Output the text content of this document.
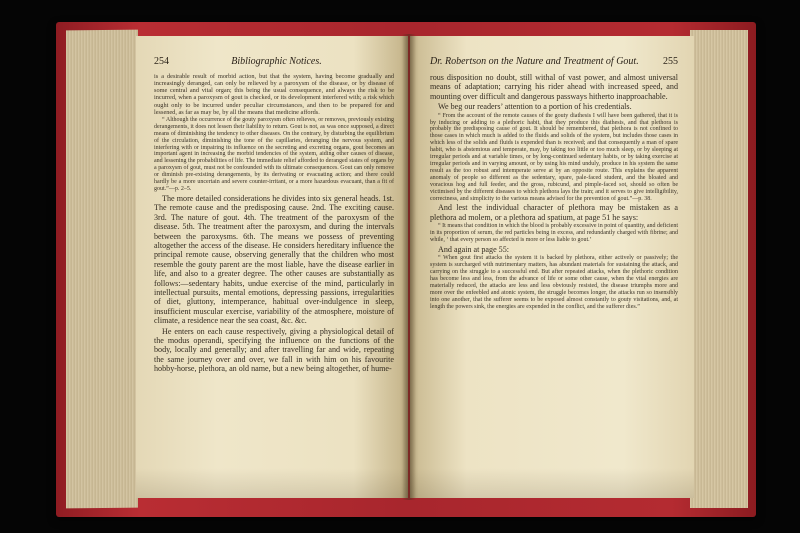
254	Bibliographic Notices.

is a desirable result of morbid action, but that the system, having become gradually and increasingly deranged, can only be relieved by a paroxysm of the disease, or by disease of some central and vital organ; this being the usual consequence, and always the risk to be incurred, when a paroxysm of gout is checked, or its development interfered with; a risk which ought only to be incurred under peculiar circumstances, and then to be prepared for and lessened, as far as may be, by all the means that medicine affords.

“ Although the occurrence of the gouty paroxysm often relieves, or removes, previously existing derangements, it does not lessen their liability to return. Gout is not, as was once supposed, a direct means of diminishing the tendency to other diseases. On the contrary, by disturbing the equilibrium of the circulation, diminishing the tone of the capillaries, deranging the nervous system, and interfering with or impairing its influence on the secreting and excreting organs, gout becomes an important agent in increasing the morbid tendencies of the system, aiding other causes of disease, and lessening the probabilities of life. The immediate relief afforded to deranged states of organs by a paroxysm of gout, must not be confounded with its ultimate consequences. Gout can only remove or diminish pre-existing derangements, by its derivating or evacuating action; and there could hardly be a more uncertain and severe counter-irritant, or a more hazardous evacuant, than a fit of gout.”—p. 2–5.

The more detailed considerations he divides into six general heads. 1st. The remote cause and the predisposing cause. 2nd. The exciting cause. 3rd. The nature of gout. 4th. The treatment of the paroxysm of the disease. 5th. The treatment after the paroxysm, and during the intervals between the paroxysms. 6th. The means we possess of preventing altogether the access of the disease. He considers hereditary influence the principal remote cause, observing generally that the children who most resemble the gouty parent are the most liable, have the disease earlier in life, and also to a greater degree. The other causes are substantially as follows:—sedentary habits, undue exercise of the mind, particularly in intellectual pursuits, mental emotions, depressing passions, irregularities of diet, gluttony, intemperance, habitual over-indulgence in sleep, insufficient muscular exercise, variability of the atmosphere, moisture of climate, a residence near the sea coast, &c. &c.

He enters on each cause respectively, giving a physiological detail of the modus operandi, specifying the influence on the functions of the body, locally and generally; and after travelling far and wide, repeating the same journey over and over, we fall in with him on his favourite hobby-horse, plethora, an old name, but a new being altogether, of hume-

Dr. Robertson on the Nature and Treatment of Gout. 255

rous disposition no doubt, still withal of vast power, and almost universal means of adaptation; carrying his rider ahead with increased speed, and mounting over difficult and dangerous passways hitherto inapproachable.

We beg our readers’ attention to a portion of his credentials.

“ From the account of the remote causes of the gouty diathesis I will have been gathered, that it is by inducing or adding to a plethoric habit, that they produce this diathesis, and that plethora is probably the predisposing cause of gout. It should be remembered, that plethora is not confined to those cases in which much is added to the fluids and solids of the system, but includes those cases in which less of the solids and fluids is expended than is received; and that consequently a man of spare habit, who is abstemious and temperate, may, by taking too little or too much sleep, or by sleeping at irregular periods and at variable times, or by long-continued sedentary habits, or by taking exercise at irregular periods and in varying amount, or by using his mind unduly, produce in his system the same result as the too robust and intemperate serve at by an opposite route. This explains the apparent anomaly of people so different as the sedentary, spare, pale-faced student, and the bloated and voracious hog and full feeder, and the gross, rubicund, and pimple-faced sot, should so often be victimised by the different diseases to which plethora lays the train; and it serves to give intelligibility, correctness, and simplicity to the various means advised for the prevention of gout.”—p. 38.

And lest the individual character of plethora may be mistaken as a plethora ad molem, or a plethora ad spatium, at page 51 he says:

“ It means that condition in which the blood is probably excessive in point of quantity, and deficient in its proportion of serum, the red particles being in excess, and redundantly charged with fibrine; and while, ‘ that every person so affected is more or less liable to gout.’

And again at page 55:

“ When gout first attacks the system it is backed by plethora, either actively or passively; the system is surcharged with nutrimentary matters, has abundant materials for sustaining the attack, and carrying on the struggle to a successful end. But after repeated attacks, when the plethoric condition has become less and less, from the advance of life or some other cause, when the vital energies are materially reduced, the attacks are less and less obviously resisted, the disease triumphs more and more over the enfeebled and atonic system, the struggle becomes longer, the attacks run so insensibly into one another, that the sufferer seems to be exposed almost constantly to gouty visitations, and, at length the powers sink, the energies are expended in the conflict, and the sufferer dies.”
